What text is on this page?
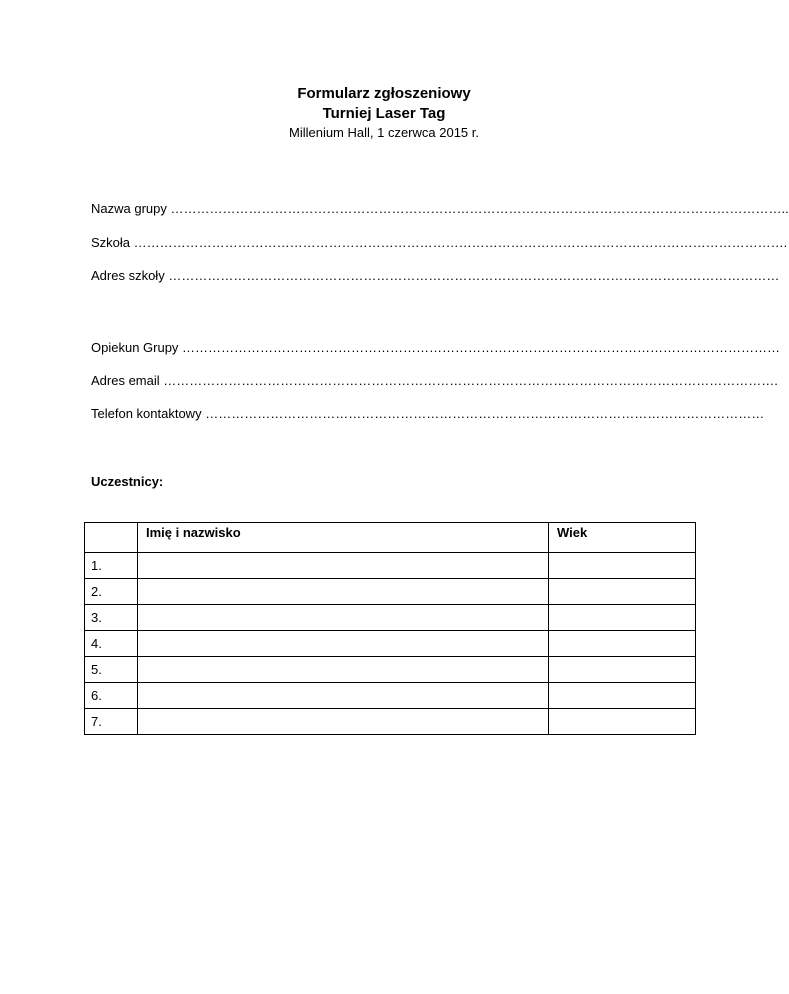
Formularz zgłoszeniowy
Turniej Laser Tag
Millenium Hall, 1 czerwca 2015 r.
Nazwa grupy ……………………………………………………………………………………………………………………………..
Szkoła …………………………………………………………………………………………………………………………………….
Adres szkoły ……………………………………………………………………………………………………………………………
Opiekun Grupy …………………………………………………………………………………………………………………………
Adres email …………………………………………………………………………………………………………………………….
Telefon kontaktowy …………………………………………………………………………………………………………………
Uczestnicy:
	Imię i nazwisko	Wiek
1.		
2.		
3.		
4.		
5.		
6.		
7.		
